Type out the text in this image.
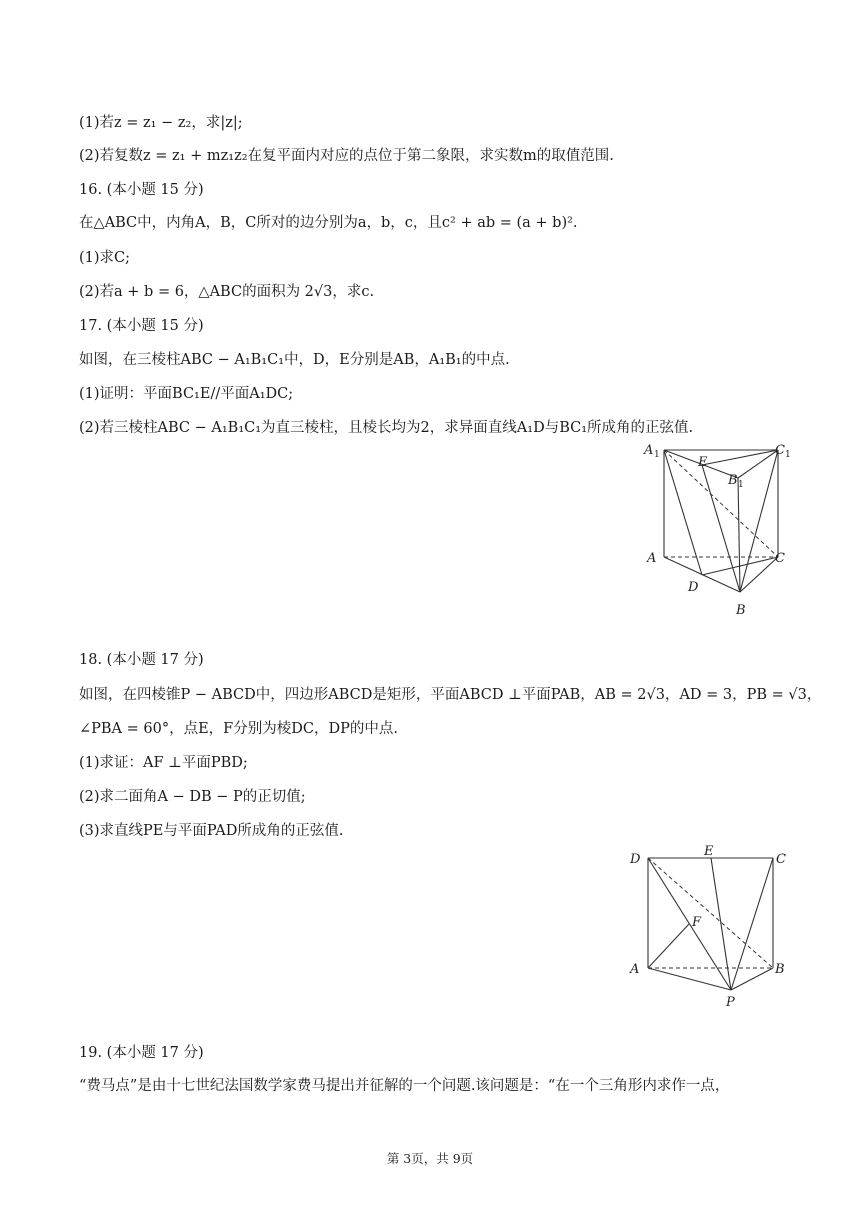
(1)若z = z₁ − z₂，求|z|;
(2)若复数z = z₁ + mz₁z₂在复平面内对应的点位于第二象限，求实数m的取值范围.
16. (本小题 15 分)
在△ABC中，内角A，B，C所对的边分别为a，b，c，且c² + ab = (a + b)².
(1)求C;
(2)若a + b = 6，△ABC的面积为 2√3，求c.
17. (本小题 15 分)
如图，在三棱柱ABC − A₁B₁C₁中，D，E分别是AB，A₁B₁的中点.
(1)证明：平面BC₁E//平面A₁DC;
(2)若三棱柱ABC − A₁B₁C₁为直三棱柱，且棱长均为2，求异面直线A₁D与BC₁所成角的正弦值.
18. (本小题 17 分)
如图，在四棱锥P − ABCD中，四边形ABCD是矩形，平面ABCD ⊥平面PAB，AB = 2√3，AD = 3，PB = √3，
∠PBA = 60°，点E，F分别为棱DC，DP的中点.
(1)求证：AF ⊥平面PBD;
(2)求二面角A − DB − P的正切值;
(3)求直线PE与平面PAD所成角的正弦值.
19. (本小题 17 分)
“费马点”是由十七世纪法国数学家费马提出并征解的一个问题.该问题是：“在一个三角形内求作一点，
A 1	E
B 1
C 1
A	C
D
B
D
E
C
F
A	B
P
第 3页，共 9页
